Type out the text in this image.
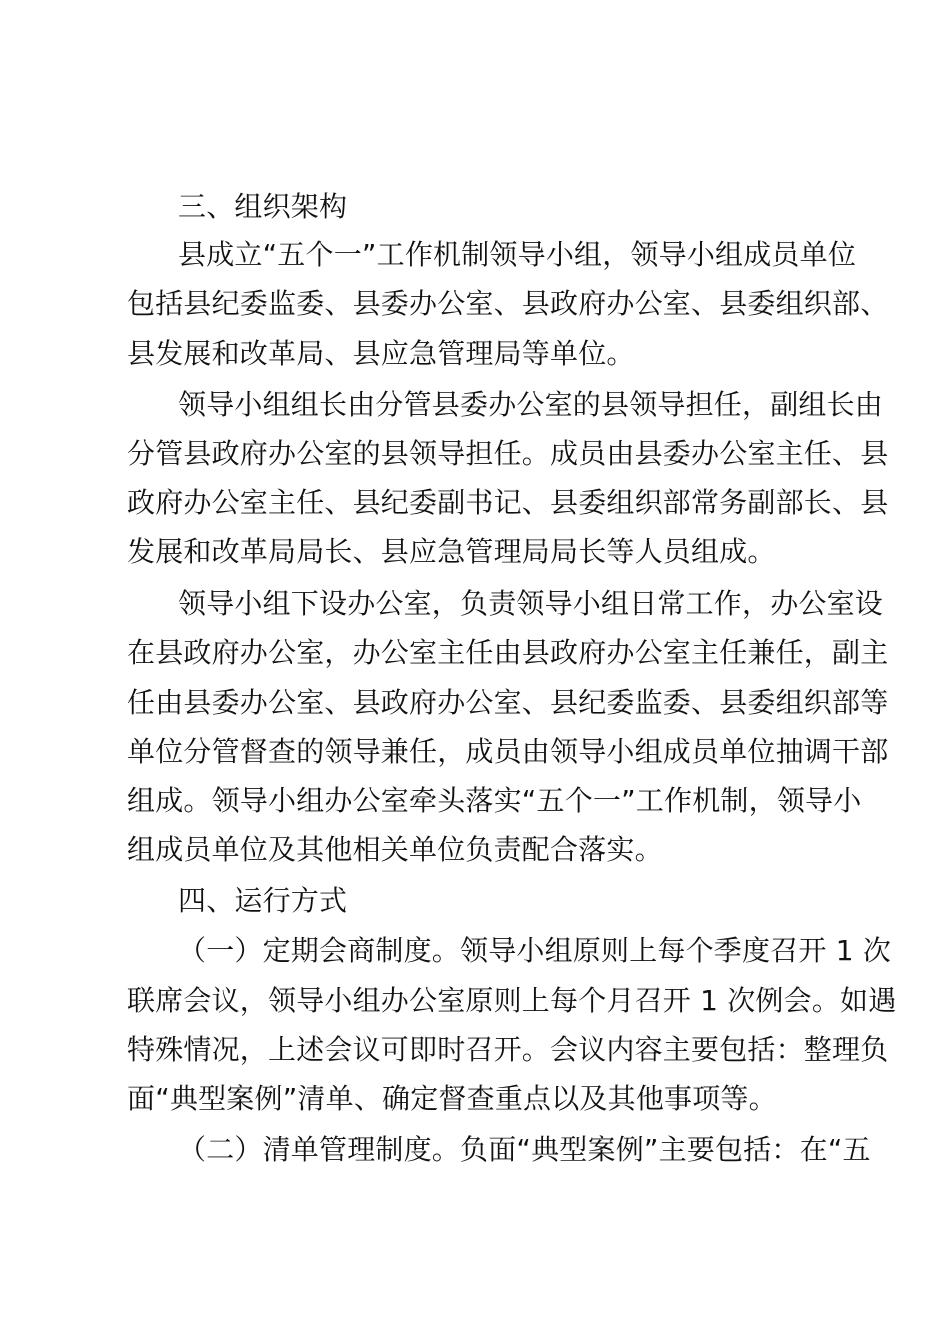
三、组织架构
县成立“五个一”工作机制领导小组，领导小组成员单位
包括县纪委监委、县委办公室、县政府办公室、县委组织部、
县发展和改革局、县应急管理局等单位。
领导小组组长由分管县委办公室的县领导担任，副组长由
分管县政府办公室的县领导担任。成员由县委办公室主任、县
政府办公室主任、县纪委副书记、县委组织部常务副部长、县
发展和改革局局长、县应急管理局局长等人员组成。
领导小组下设办公室，负责领导小组日常工作，办公室设
在县政府办公室，办公室主任由县政府办公室主任兼任，副主
任由县委办公室、县政府办公室、县纪委监委、县委组织部等
单位分管督查的领导兼任，成员由领导小组成员单位抽调干部
组成。领导小组办公室牵头落实“五个一”工作机制，领导小
组成员单位及其他相关单位负责配合落实。
四、运行方式
（一）定期会商制度。领导小组原则上每个季度召开 1 次
联席会议，领导小组办公室原则上每个月召开 1 次例会。如遇
特殊情况，上述会议可即时召开。会议内容主要包括：整理负
面“典型案例”清单、确定督查重点以及其他事项等。
（二）清单管理制度。负面“典型案例”主要包括：在“五
